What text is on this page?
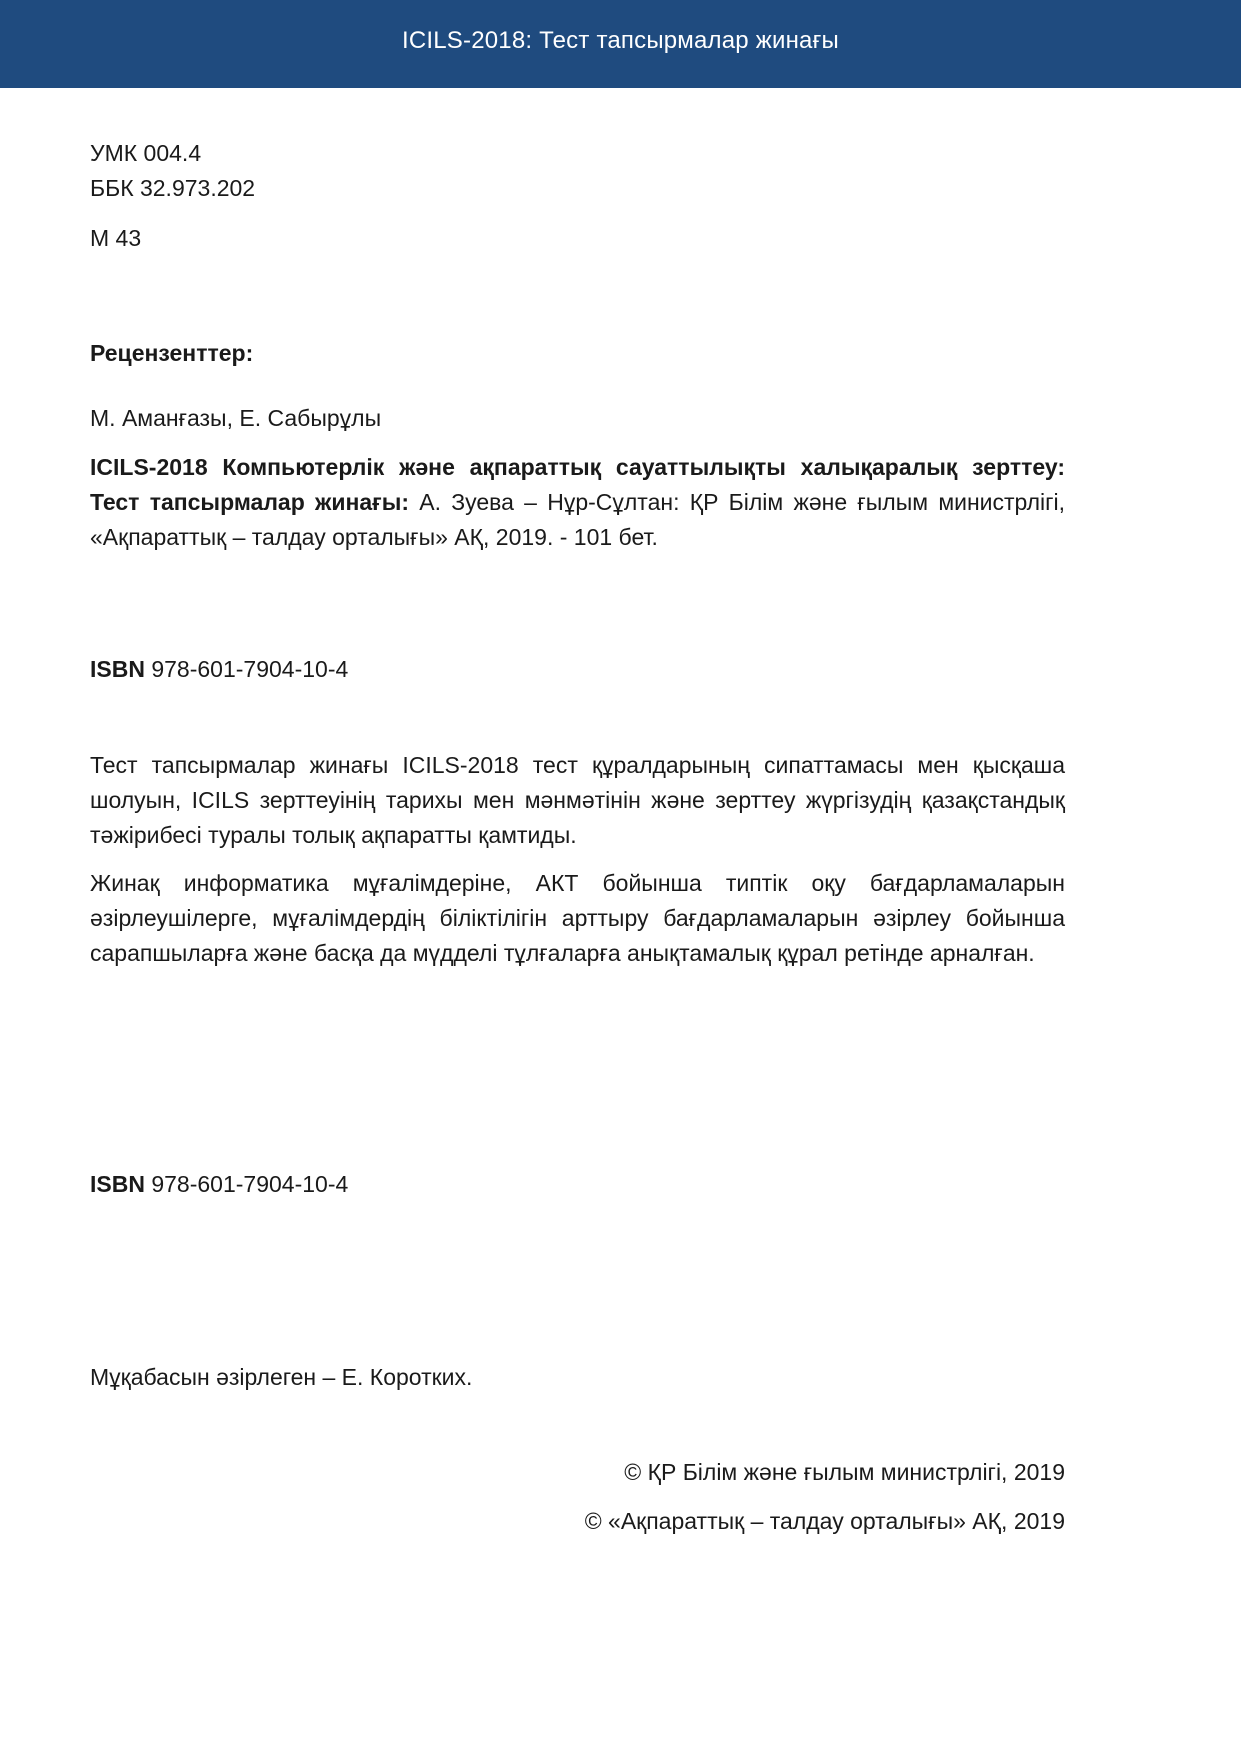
ICILS-2018: Тест тапсырмалар жинағы
УМК 004.4
ББК 32.973.202
М 43
Рецензенттер:
М. Аманғазы, Е. Сабырұлы
ICILS-2018 Компьютерлік және ақпараттық сауаттылықты халықаралық зерттеу: Тест тапсырмалар жинағы: А. Зуева – Нұр-Сұлтан: ҚР Білім және ғылым министрлігі, «Ақпараттық – талдау орталығы» АҚ, 2019. - 101 бет.
ISBN 978-601-7904-10-4
Тест тапсырмалар жинағы ICILS-2018 тест құралдарының сипаттамасы мен қысқаша шолуын, ICILS зерттеуінің тарихы мен мәнмәтінін және зерттеу жүргізудің қазақстандық тәжірибесі туралы толық ақпаратты қамтиды.
Жинақ информатика мұғалімдеріне, АКТ бойынша типтік оқу бағдарламаларын әзірлеушілерге, мұғалімдердің біліктілігін арттыру бағдарламаларын әзірлеу бойынша сарапшыларға және басқа да мүдделі тұлғаларға анықтамалық құрал ретінде арналған.
ISBN 978-601-7904-10-4
Мұқабасын әзірлеген – Е. Коротких.
© ҚР Білім және ғылым министрлігі, 2019
© «Ақпараттық – талдау орталығы» АҚ, 2019
